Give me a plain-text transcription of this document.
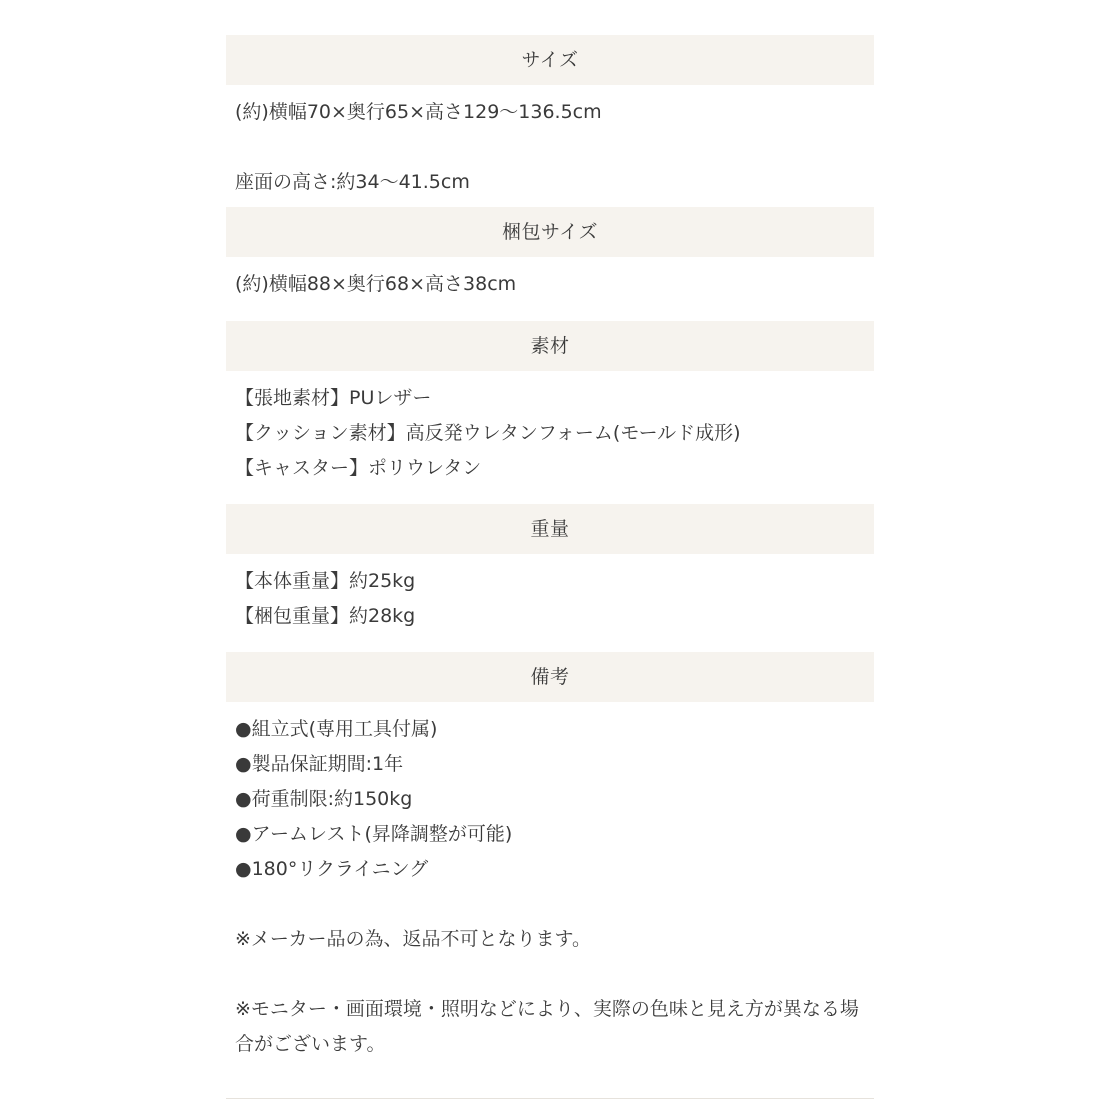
サイズ
(約)横幅70×奥行65×高さ129〜136.5cm
座面の高さ:約34〜41.5cm
梱包サイズ
(約)横幅88×奥行68×高さ38cm
素材
【張地素材】PUレザー
【クッション素材】高反発ウレタンフォーム(モールド成形)
【キャスター】ポリウレタン
重量
【本体重量】約25kg
【梱包重量】約28kg
備考
●組立式(専用工具付属)
●製品保証期間:1年
●荷重制限:約150kg
●アームレスト(昇降調整が可能)
●180°リクライニング
※メーカー品の為、返品不可となります。
※モニター・画面環境・照明などにより、実際の色味と見え方が異なる場合がございます。
